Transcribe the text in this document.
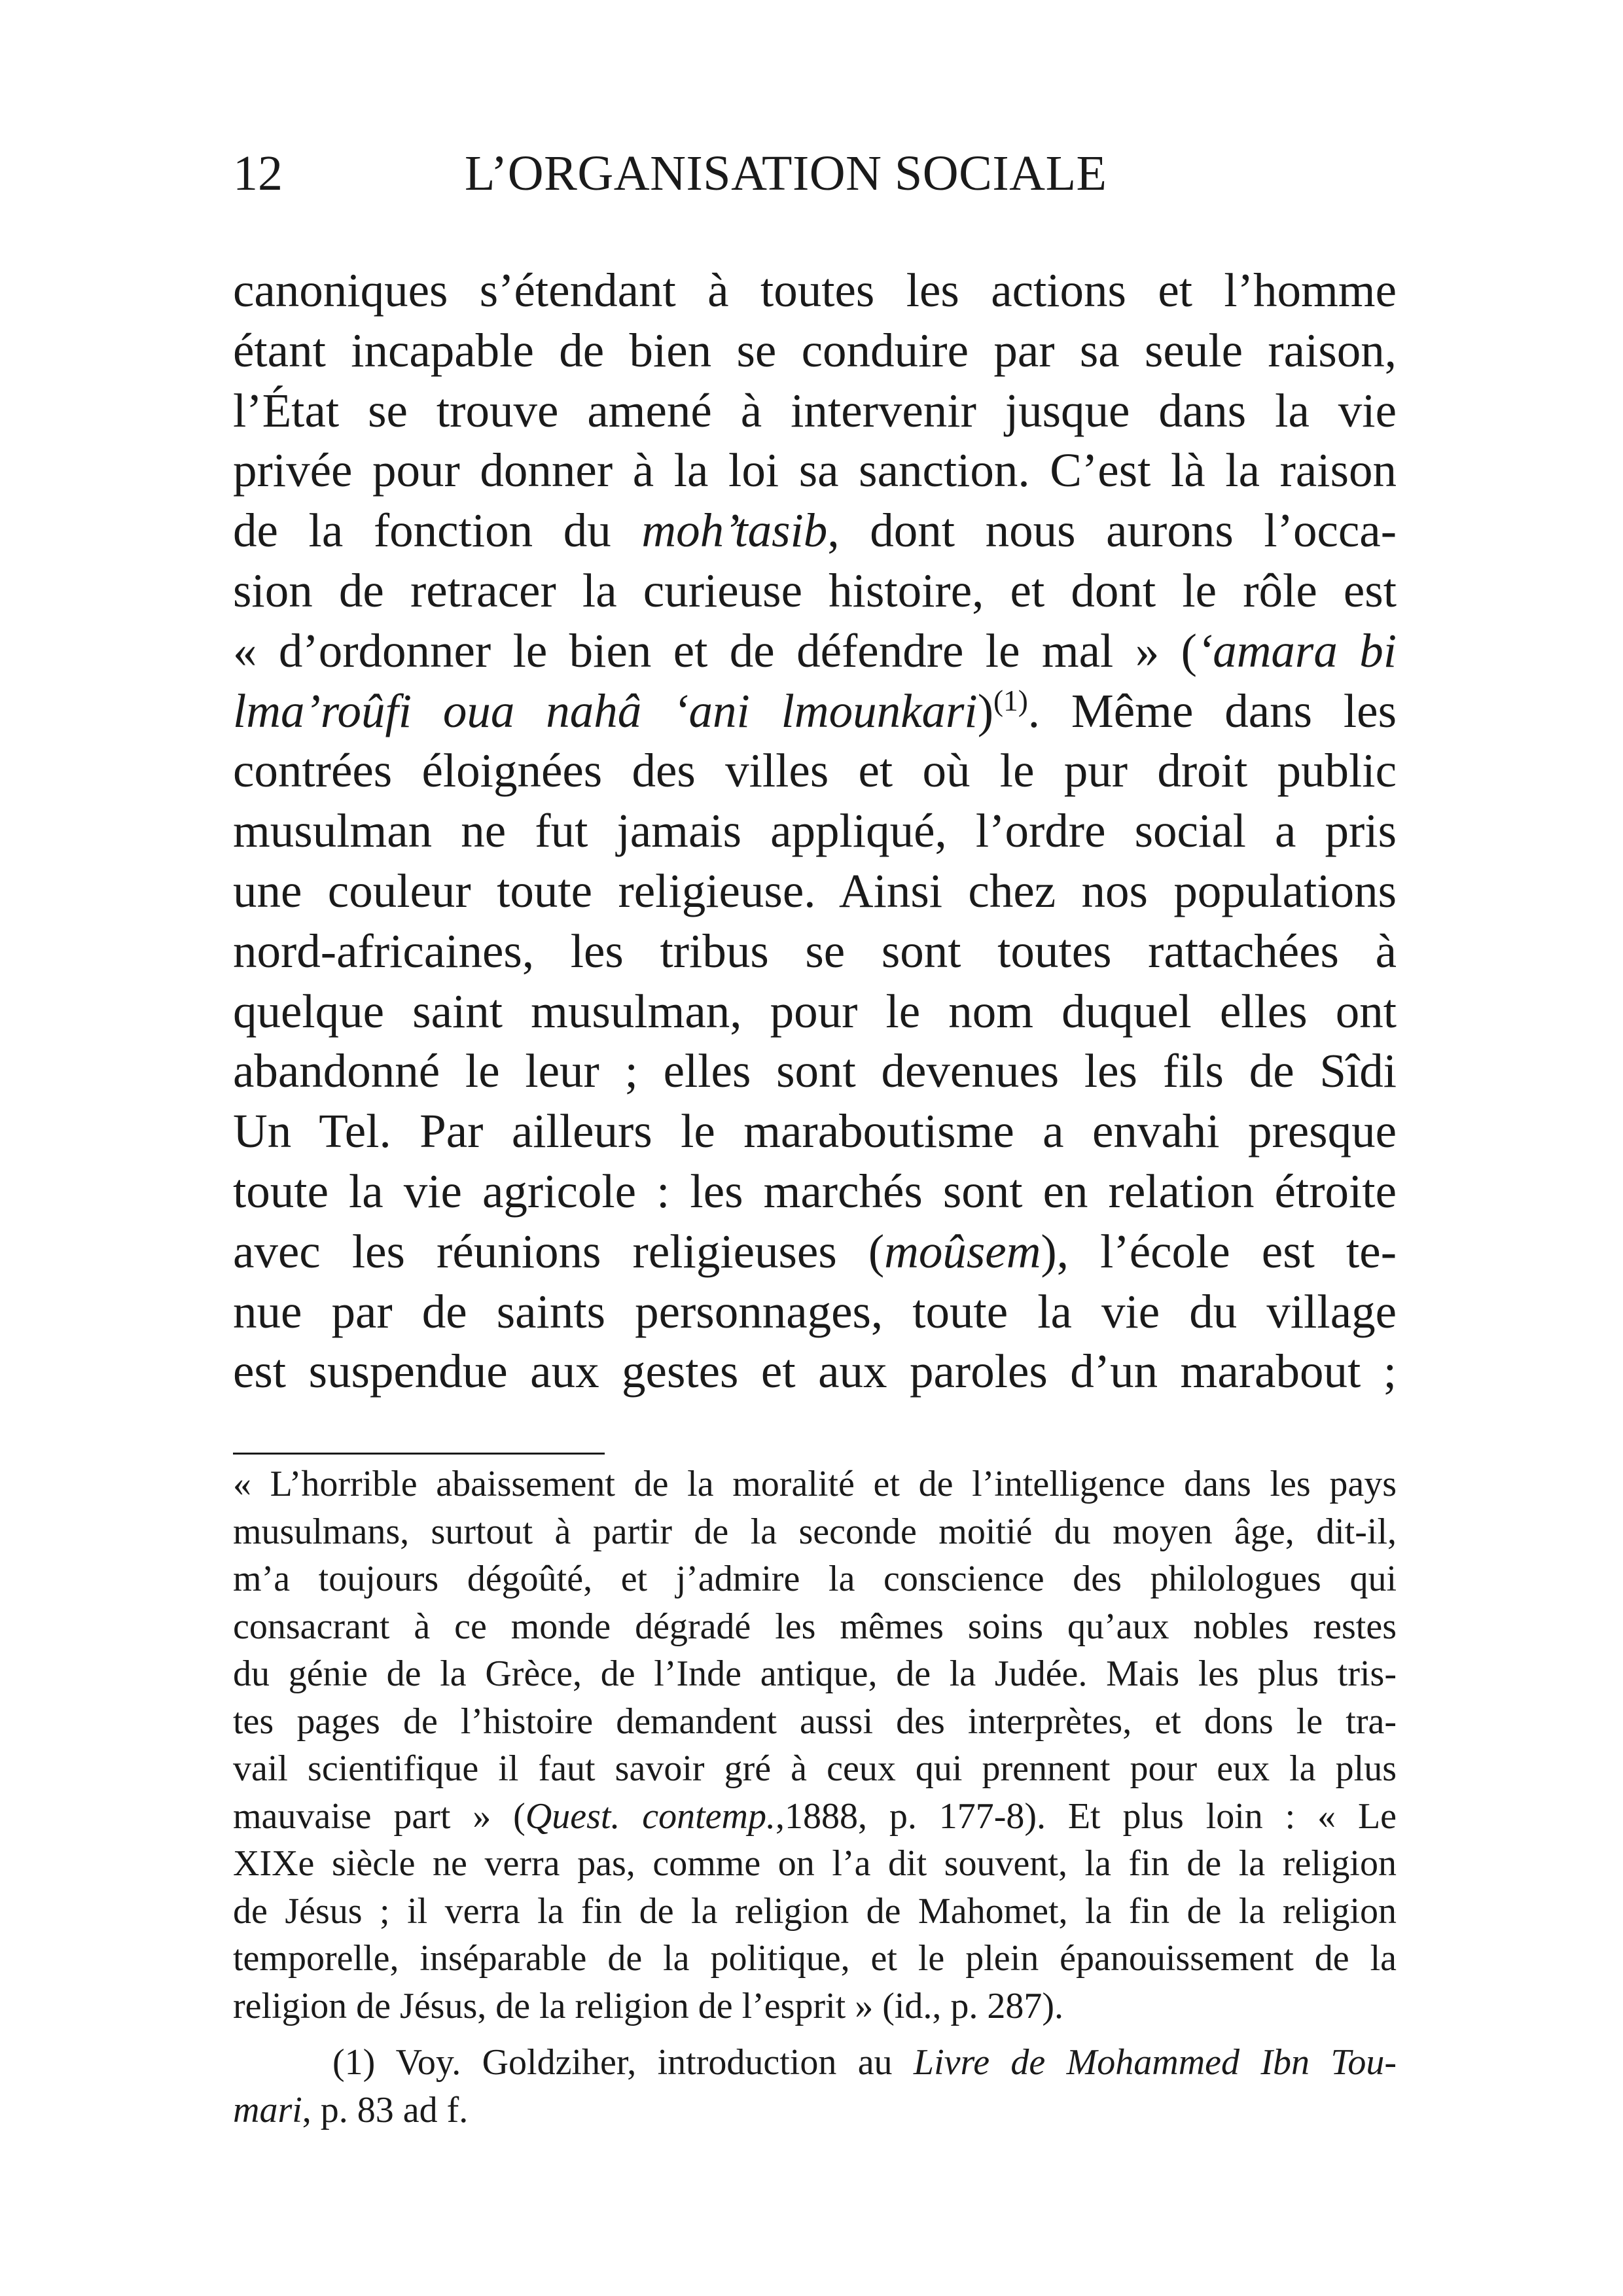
12	L’ORGANISATION SOCIALE
canoniques s’étendant à toutes les actions et l’homme
étant incapable de bien se conduire par sa seule raison,
l’État se trouve amené à intervenir jusque dans la vie
privée pour donner à la loi sa sanction. C’est là la raison
de la fonction du moh’tasib, dont nous aurons l’occa-
sion de retracer la curieuse histoire, et dont le rôle est
« d’ordonner le bien et de défendre le mal » (‘amara bi
lma’roûfi oua nahâ ‘ani lmounkari)$^{(1)}$. Même dans les
contrées éloignées des villes et où le pur droit public
musulman ne fut jamais appliqué, l’ordre social a pris
une couleur toute religieuse. Ainsi chez nos populations
nord-africaines, les tribus se sont toutes rattachées à
quelque saint musulman, pour le nom duquel elles ont
abandonné le leur ; elles sont devenues les fils de Sîdi
Un Tel. Par ailleurs le maraboutisme a envahi presque
toute la vie agricole : les marchés sont en relation étroite
avec les réunions religieuses (moûsem), l’école est te-
nue par de saints personnages, toute la vie du village
est suspendue aux gestes et aux paroles d’un marabout ;
« L’horrible abaissement de la moralité et de l’intelligence dans les pays
musulmans, surtout à partir de la seconde moitié du moyen âge, dit-il,
m’a toujours dégoûté, et j’admire la conscience des philologues qui
consacrant à ce monde dégradé les mêmes soins qu’aux nobles restes
du génie de la Grèce, de l’Inde antique, de la Judée. Mais les plus tris-
tes pages de l’histoire demandent aussi des interprètes, et dons le tra-
vail scientifique il faut savoir gré à ceux qui prennent pour eux la plus
mauvaise part » (Quest. contemp.,1888, p. 177-8). Et plus loin : « Le
XIXe siècle ne verra pas, comme on l’a dit souvent, la fin de la religion
de Jésus ; il verra la fin de la religion de Mahomet, la fin de la religion
temporelle, inséparable de la politique, et le plein épanouissement de la
religion de Jésus, de la religion de l’esprit » (id., p. 287).
(1) Voy. Goldziher, introduction au Livre de Mohammed Ibn Tou-
mari, p. 83 ad f.
